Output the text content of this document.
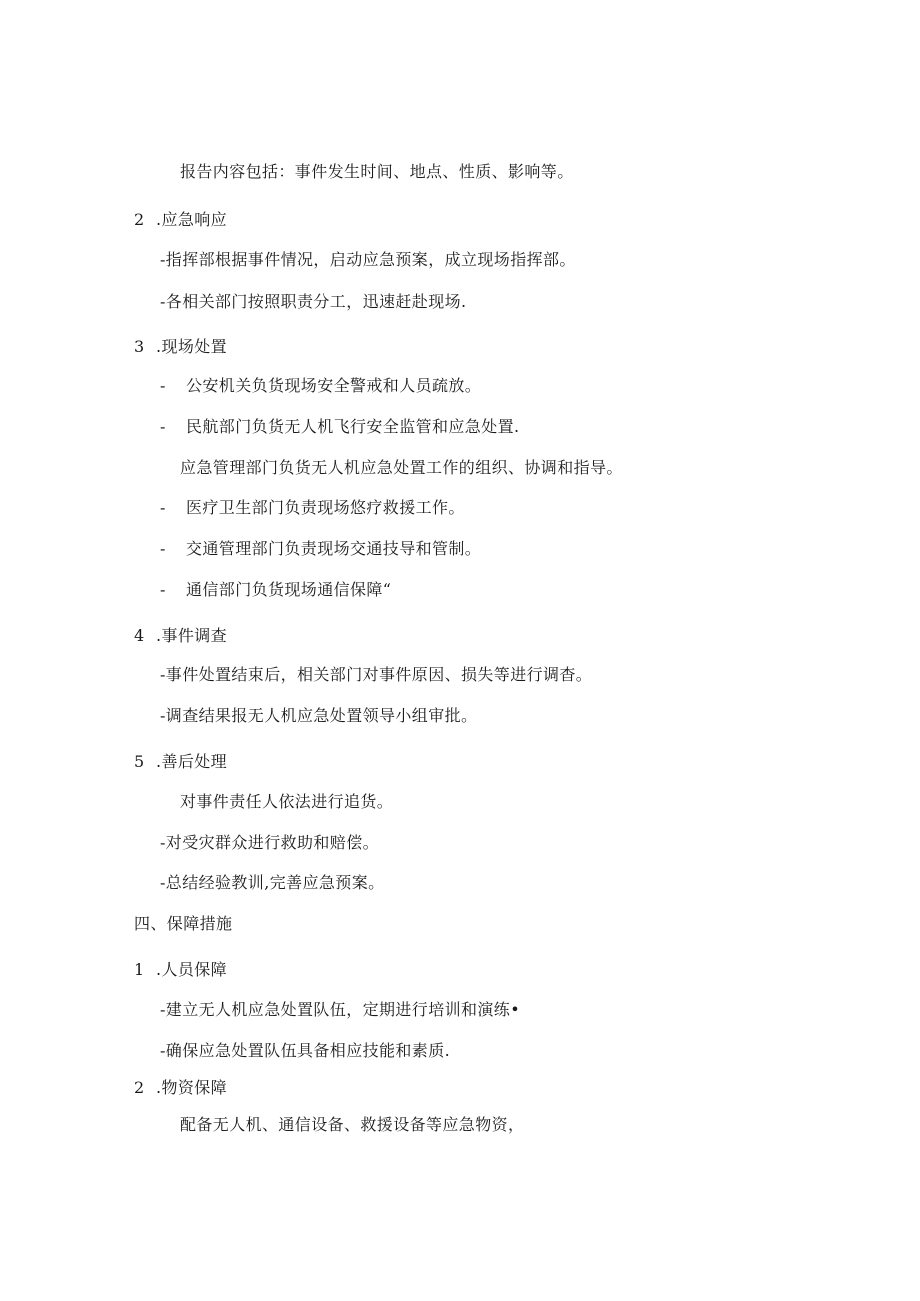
报告内容包括：事件发生时间、地点、性质、影响等。
2 .应急响应
-指挥部根据事件情况，启动应急预案，成立现场指挥部。
-各相关部门按照职责分工，迅速赶赴现场.
3 .现场处置
- 公安机关负货现场安全警戒和人员疏放。
- 民航部门负货无人机飞行安全监管和应急处置.
应急管理部门负货无人机应急处置工作的组织、协调和指导。
- 医疗卫生部门负责现场悠疗救援工作。
- 交通管理部门负责现场交通技导和管制。
- 通信部门负货现场通信保障“
4 .事件调查
-事件处置结束后，相关部门对事件原因、损失等进行调杳。
-调查结果报无人机应急处置领导小组审批。
5 .善后处理
对事件责任人依法进行追货。
-对受灾群众进行救助和赔偿。
-总结经验教训,完善应急预案。
四、保障措施
1 .人员保障
-建立无人机应急处置队伍，定期进行培训和演练•
-确保应急处置队伍具备相应技能和素质.
2 .物资保障
配备无人机、通信设备、救援设备等应急物资，
